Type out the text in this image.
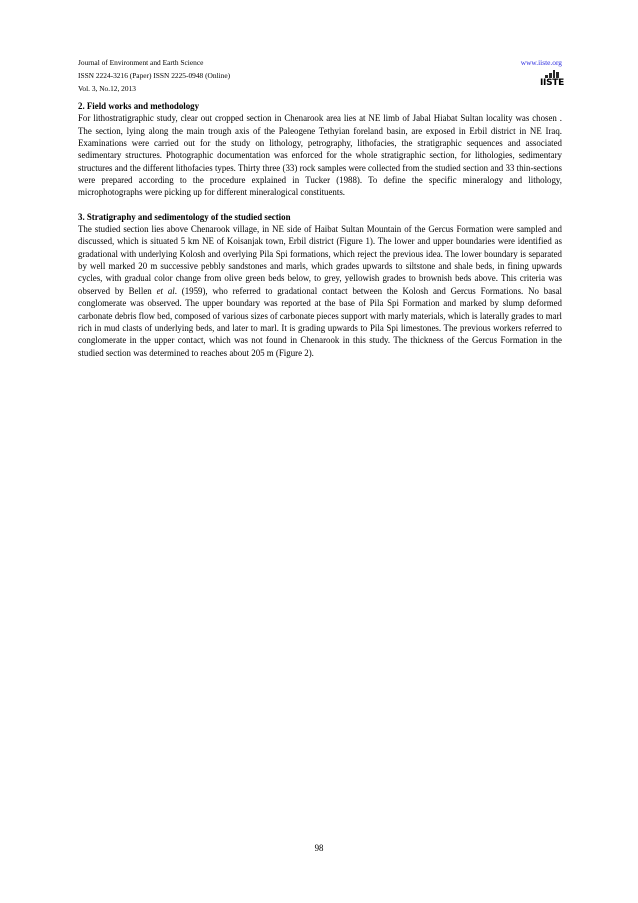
Journal of Environment and Earth Science
ISSN 2224-3216 (Paper) ISSN 2225-0948 (Online)
Vol. 3, No.12, 2013
www.iiste.org
IISTE

2. Field works and methodology

For lithostratigraphic study, clear out cropped section in Chenarook area lies at NE limb of Jabal Hiabat Sultan locality was chosen . The section, lying along the main trough axis of the Paleogene Tethyian foreland basin, are exposed in Erbil district in NE Iraq. Examinations were carried out for the study on lithology, petrography, lithofacies, the stratigraphic sequences and associated sedimentary structures. Photographic documentation was enforced for the whole stratigraphic section, for lithologies, sedimentary structures and the different lithofacies types. Thirty three (33) rock samples were collected from the studied section and 33 thin-sections were prepared according to the procedure explained in Tucker (1988). To define the specific mineralogy and lithology, microphotographs were picking up for different mineralogical constituents.

3. Stratigraphy and sedimentology of the studied section

The studied section lies above Chenarook village, in NE side of Haibat Sultan Mountain of the Gercus Formation were sampled and discussed, which is situated 5 km NE of Koisanjak town, Erbil district (Figure 1). The lower and upper boundaries were identified as gradational with underlying Kolosh and overlying Pila Spi formations, which reject the previous idea. The lower boundary is separated by well marked 20 m successive pebbly sandstones and marls, which grades upwards to siltstone and shale beds, in fining upwards cycles, with gradual color change from olive green beds below, to grey, yellowish grades to brownish beds above. This criteria was observed by Bellen et al. (1959), who referred to gradational contact between the Kolosh and Gercus Formations. No basal conglomerate was observed. The upper boundary was reported at the base of Pila Spi Formation and marked by slump deformed carbonate debris flow bed, composed of various sizes of carbonate pieces support with marly materials, which is laterally grades to marl rich in mud clasts of underlying beds, and later to marl. It is grading upwards to Pila Spi limestones. The previous workers referred to conglomerate in the upper contact, which was not found in Chenarook in this study. The thickness of the Gercus Formation in the studied section was determined to reaches about 205 m (Figure 2).

98
